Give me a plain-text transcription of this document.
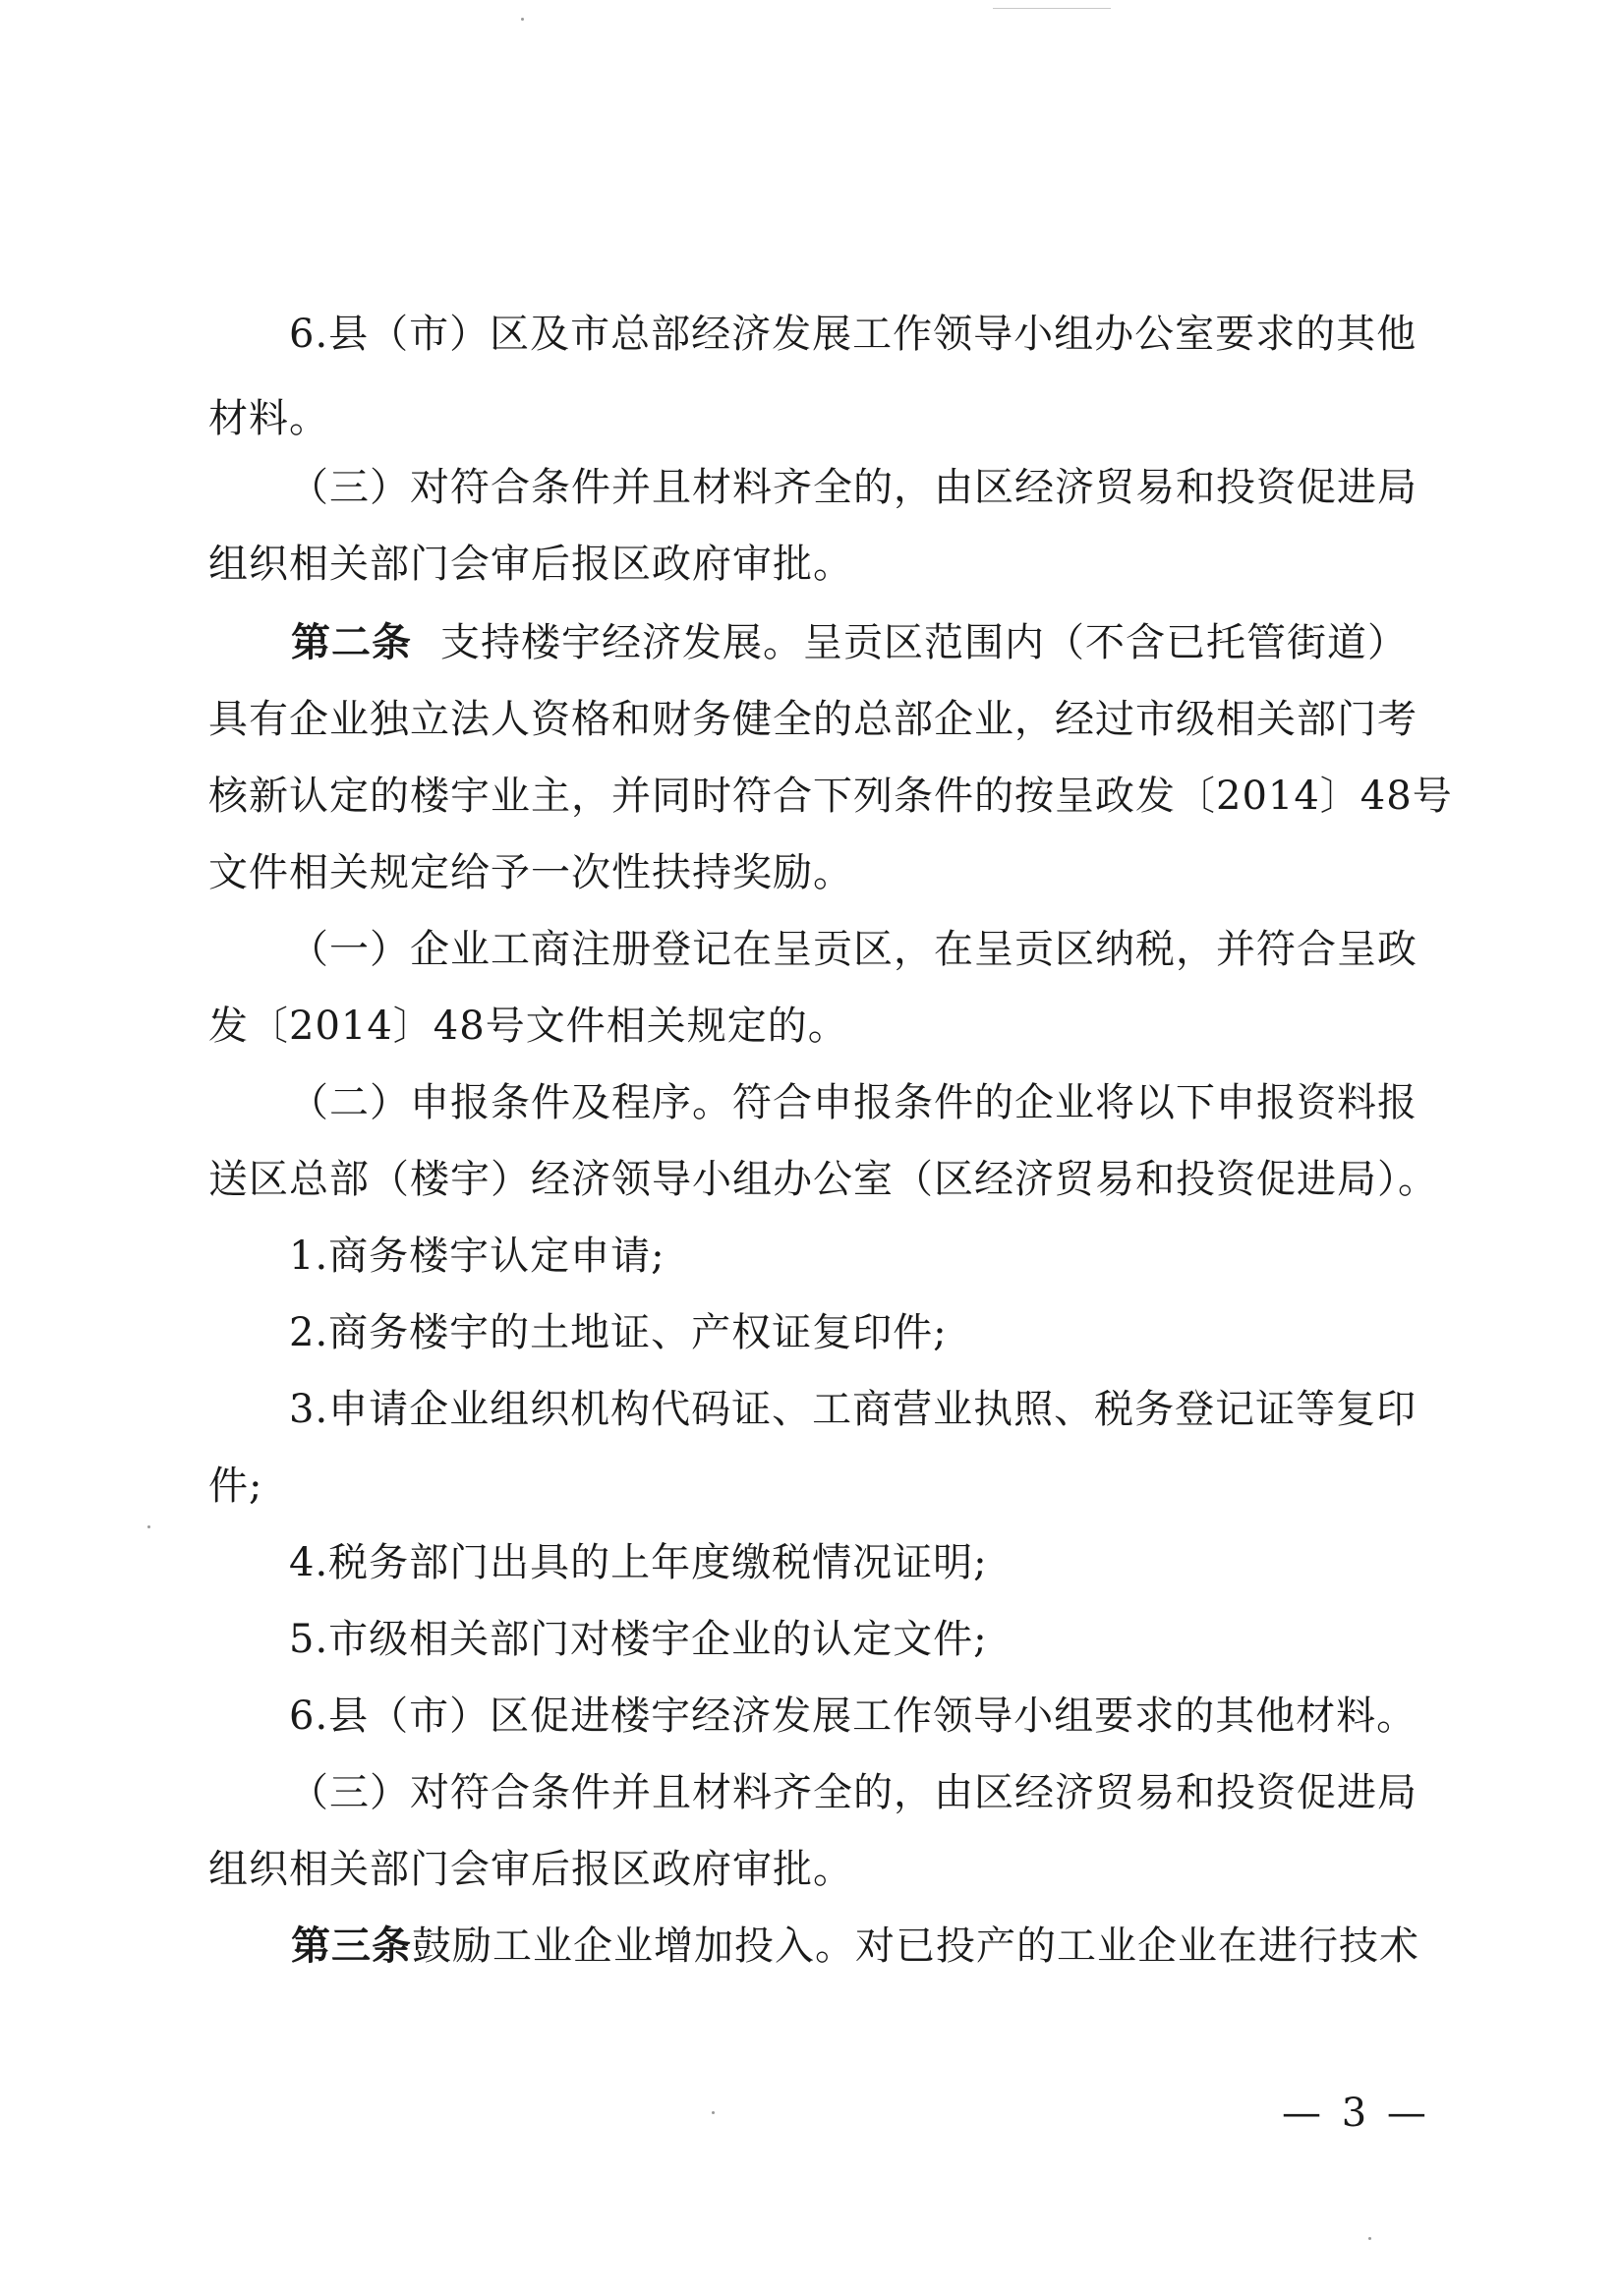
6.县（市）区及市总部经济发展工作领导小组办公室要求的其他
材料。
（三）对符合条件并且材料齐全的，由区经济贸易和投资促进局
组织相关部门会审后报区政府审批。
第二条 支持楼宇经济发展。呈贡区范围内（不含已托管街道）
具有企业独立法人资格和财务健全的总部企业，经过市级相关部门考
核新认定的楼宇业主，并同时符合下列条件的按呈政发〔2014〕48号
文件相关规定给予一次性扶持奖励。
（一）企业工商注册登记在呈贡区，在呈贡区纳税，并符合呈政
发〔2014〕48号文件相关规定的。
（二）申报条件及程序。符合申报条件的企业将以下申报资料报
送区总部（楼宇）经济领导小组办公室（区经济贸易和投资促进局）。
1.商务楼宇认定申请;
2.商务楼宇的土地证、产权证复印件;
3.申请企业组织机构代码证、工商营业执照、税务登记证等复印
件;
4.税务部门出具的上年度缴税情况证明;
5.市级相关部门对楼宇企业的认定文件;
6.县（市）区促进楼宇经济发展工作领导小组要求的其他材料。
（三）对符合条件并且材料齐全的，由区经济贸易和投资促进局
组织相关部门会审后报区政府审批。
第三条 鼓励工业企业增加投入。对已投产的工业企业在进行技术
— 3 —
